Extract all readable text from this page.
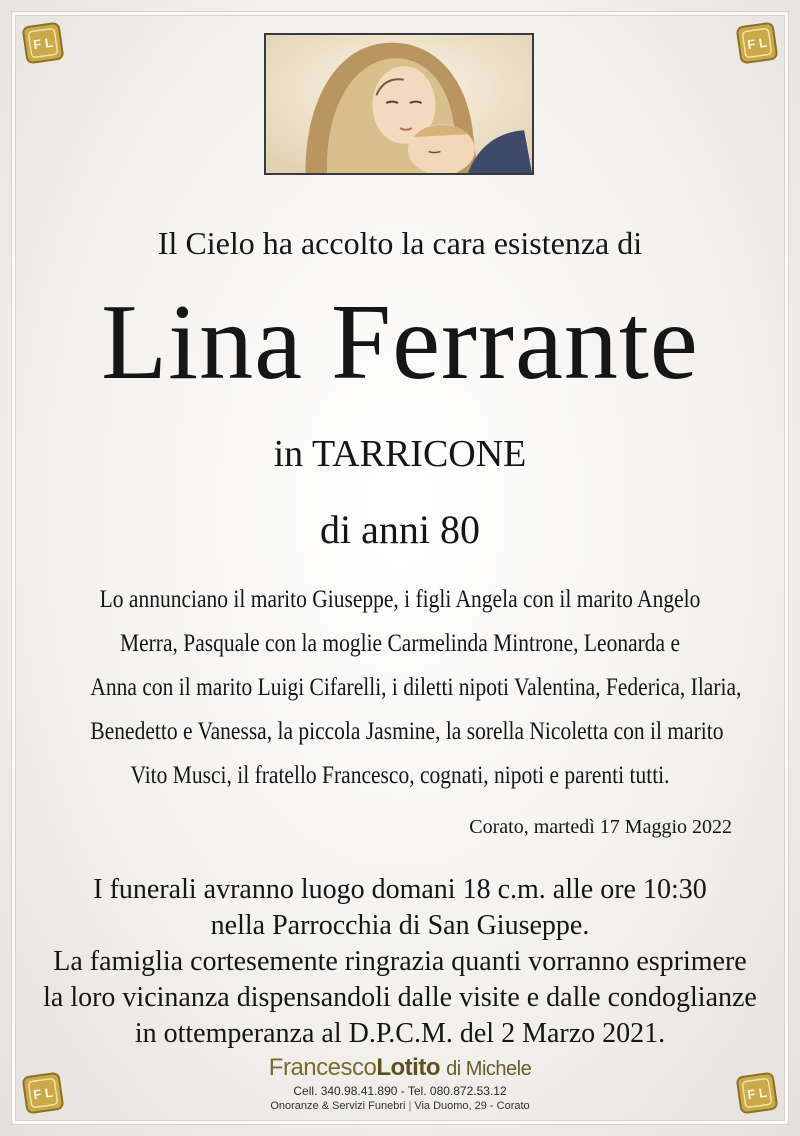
F L	F L
F L	F L
Il Cielo ha accolto la cara esistenza di
Lina Ferrante
in TARRICONE
di anni 80
Lo annunciano il marito Giuseppe, i figli Angela con il marito Angelo
Merra, Pasquale con la moglie Carmelinda Mintrone, Leonarda e
Anna con il marito Luigi Cifarelli, i diletti nipoti Valentina, Federica, Ilaria,
Benedetto e Vanessa, la piccola Jasmine, la sorella Nicoletta con il marito
Vito Musci, il fratello Francesco, cognati, nipoti e parenti tutti.
Corato, martedì 17 Maggio 2022
I funerali avranno luogo domani 18 c.m. alle ore 10:30
nella Parrocchia di San Giuseppe.
La famiglia cortesemente ringrazia quanti vorranno esprimere
la loro vicinanza dispensandoli dalle visite e dalle condoglianze
in ottemperanza al D.P.C.M. del 2 Marzo 2021.
FrancescoLotito di Michele
Cell. 340.98.41.890 - Tel. 080.872.53.12
Onoranze & Servizi Funebri | Via Duomo, 29 - Corato
